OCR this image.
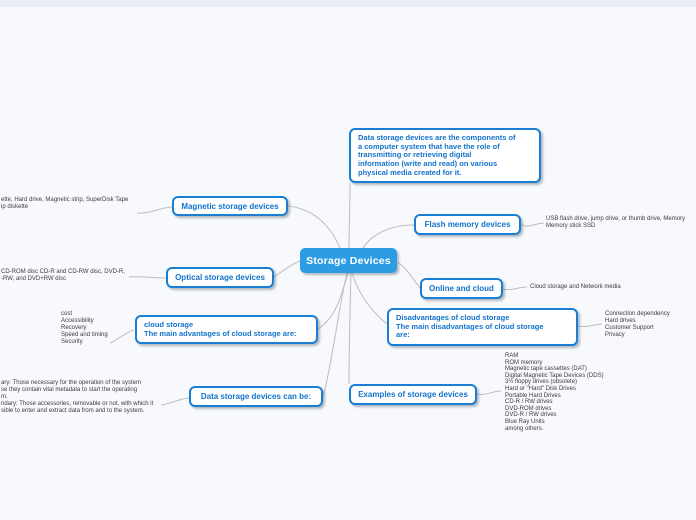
Data storage devices are the components of
a computer system that have the role of
transmitting or retrieving digital
information (write and read) on various
physical media created for it.
Storage Devices
Magnetic storage devices
ette, Hard drive, Magnetic strip, SuperDisk Tape
ip diskette
Flash memory devices
USB flash drive, jump drive, or thumb drive, Memory
Memory stick SSD
Optical storage devices
CD-ROM disc CD-R and CD-RW disc, DVD-R,
-RW, and DVD+RW disc
Online and cloud	Cloud storage and Network media
cloud storage
The main advantages of cloud storage are:
cost
Accessibility
Recovery
Speed and timing
Security
Disadvantages of cloud storage
The main disadvantages of cloud storage
are:
Connection dependency
Hard drives
Customer Support
Privacy
Data storage devices can be:
ary: Those necessary for the operation of the system
se they contain vital metadata to start the operating
m.
ndary: Those accessories, removable or not, with which it
sible to enter and extract data from and to the system.
Examples of storage devices
RAM
ROM memory
Magnetic tape cassettes (DAT)
Digital Magnetic Tape Devices (DDS)
3½ floppy drives (obsolete)
Hard or "Hard" Disk Drives
Portable Hard Drives
CD-R / RW drives
DVD-ROM drives
DVD-R / RW drives
Blue Ray Units
among others.
